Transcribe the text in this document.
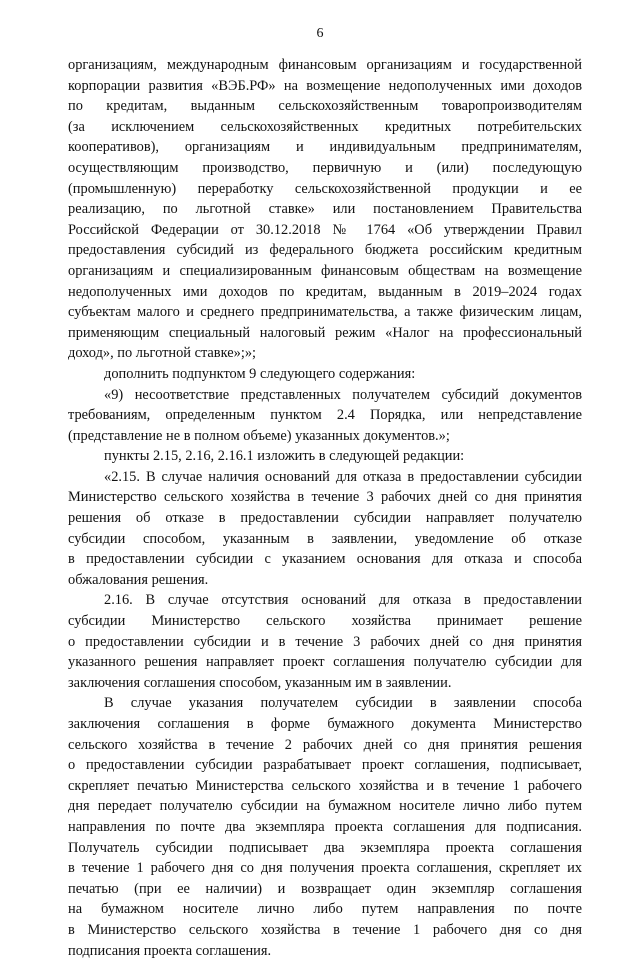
6
организациям, международным финансовым организациям и государственной
корпорации развития «ВЭБ.РФ» на возмещение недополученных ими доходов
по кредитам, выданным сельскохозяйственным товаропроизводителям
(за исключением сельскохозяйственных кредитных потребительских
кооперативов), организациям и индивидуальным предпринимателям,
осуществляющим производство, первичную и (или) последующую
(промышленную) переработку сельскохозяйственной продукции и ее
реализацию, по льготной ставке» или постановлением Правительства
Российской Федерации от 30.12.2018 № 1764 «Об утверждении Правил
предоставления субсидий из федерального бюджета российским кредитным
организациям и специализированным финансовым обществам на возмещение
недополученных ими доходов по кредитам, выданным в 2019–2024 годах
субъектам малого и среднего предпринимательства, а также физическим лицам,
применяющим специальный налоговый режим «Налог на профессиональный
доход», по льготной ставке»;»;
дополнить подпунктом 9 следующего содержания:
«9) несоответствие представленных получателем субсидий документов
требованиям, определенным пунктом 2.4 Порядка, или непредставление
(представление не в полном объеме) указанных документов.»;
пункты 2.15, 2.16, 2.16.1 изложить в следующей редакции:
«2.15. В случае наличия оснований для отказа в предоставлении субсидии
Министерство сельского хозяйства в течение 3 рабочих дней со дня принятия
решения об отказе в предоставлении субсидии направляет получателю
субсидии способом, указанным в заявлении, уведомление об отказе
в предоставлении субсидии с указанием основания для отказа и способа
обжалования решения.
2.16. В случае отсутствия оснований для отказа в предоставлении
субсидии Министерство сельского хозяйства принимает решение
о предоставлении субсидии и в течение 3 рабочих дней со дня принятия
указанного решения направляет проект соглашения получателю субсидии для
заключения соглашения способом, указанным им в заявлении.
В случае указания получателем субсидии в заявлении способа
заключения соглашения в форме бумажного документа Министерство
сельского хозяйства в течение 2 рабочих дней со дня принятия решения
о предоставлении субсидии разрабатывает проект соглашения, подписывает,
скрепляет печатью Министерства сельского хозяйства и в течение 1 рабочего
дня передает получателю субсидии на бумажном носителе лично либо путем
направления по почте два экземпляра проекта соглашения для подписания.
Получатель субсидии подписывает два экземпляра проекта соглашения
в течение 1 рабочего дня со дня получения проекта соглашения, скрепляет их
печатью (при ее наличии) и возвращает один экземпляр соглашения
на бумажном носителе лично либо путем направления по почте
в Министерство сельского хозяйства в течение 1 рабочего дня со дня
подписания проекта соглашения.
